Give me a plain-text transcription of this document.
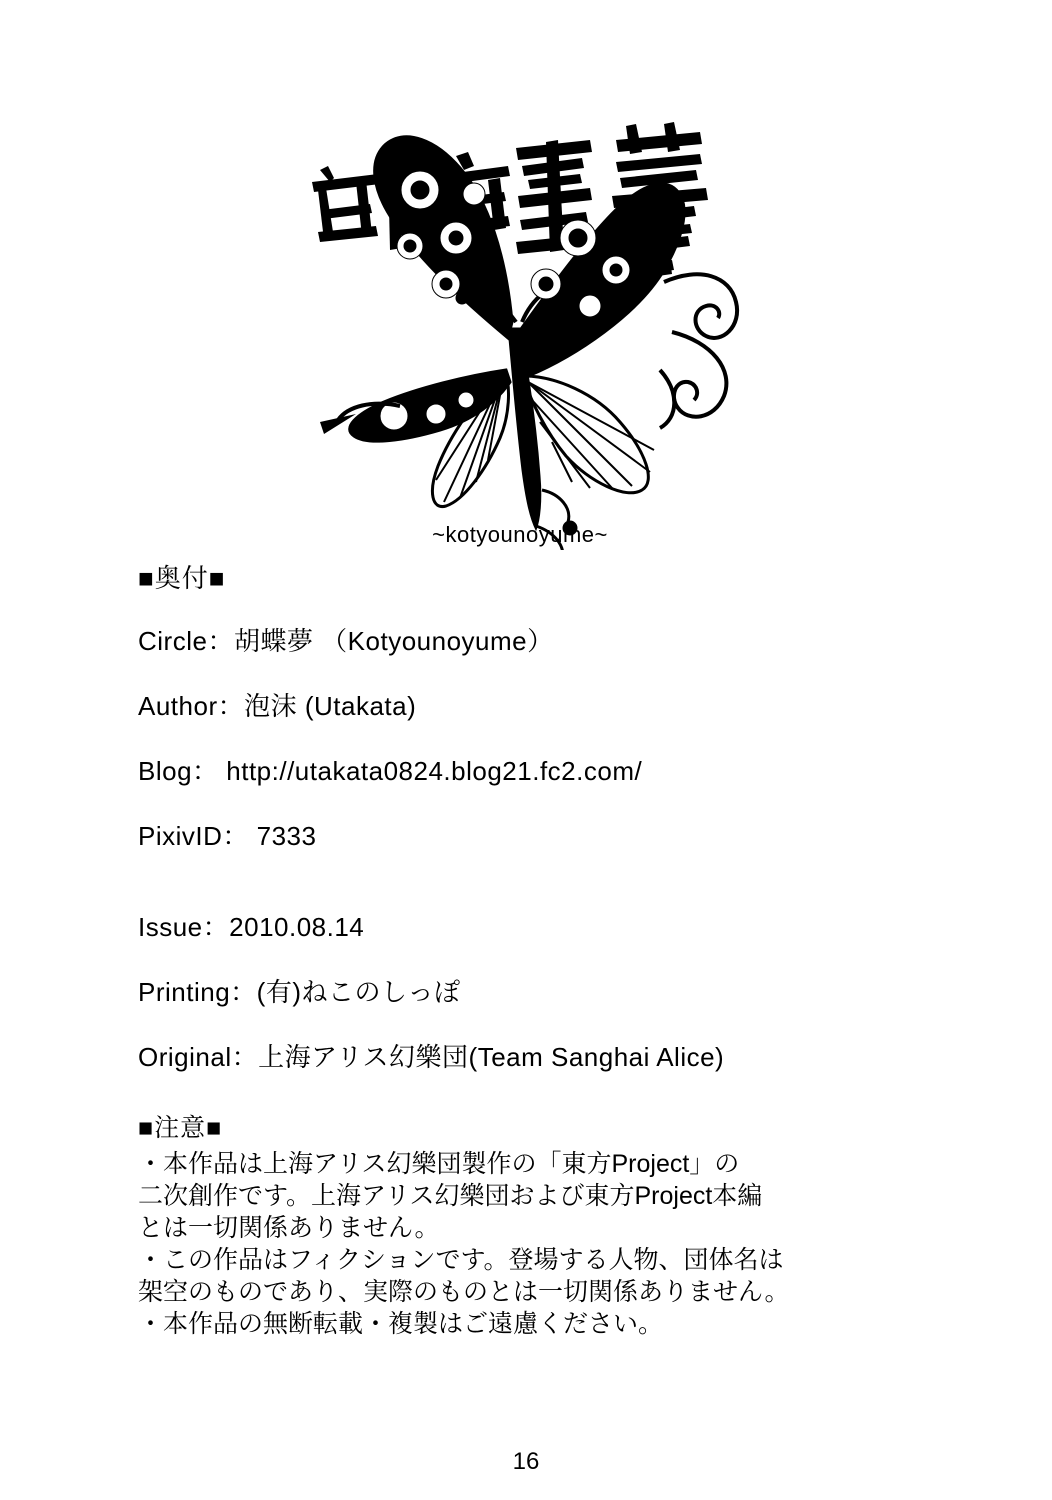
~kotyounoyume~
■奥付■
Circle：胡蝶夢 （Kotyounoyume）
Author：泡沫 (Utakata)
Blog： http://utakata0824.blog21.fc2.com/
PixivID： 7333
Issue：2010.08.14
Printing：(有)ねこのしっぽ
Original：上海アリス幻樂団(Team Sanghai Alice)
■注意■
・本作品は上海アリス幻樂団製作の「東方Project」の
二次創作です。上海アリス幻樂団および東方Project本編
とは一切関係ありません。
・この作品はフィクションです。登場する人物、団体名は
架空のものであり、実際のものとは一切関係ありません。
・本作品の無断転載・複製はご遠慮ください。
16
